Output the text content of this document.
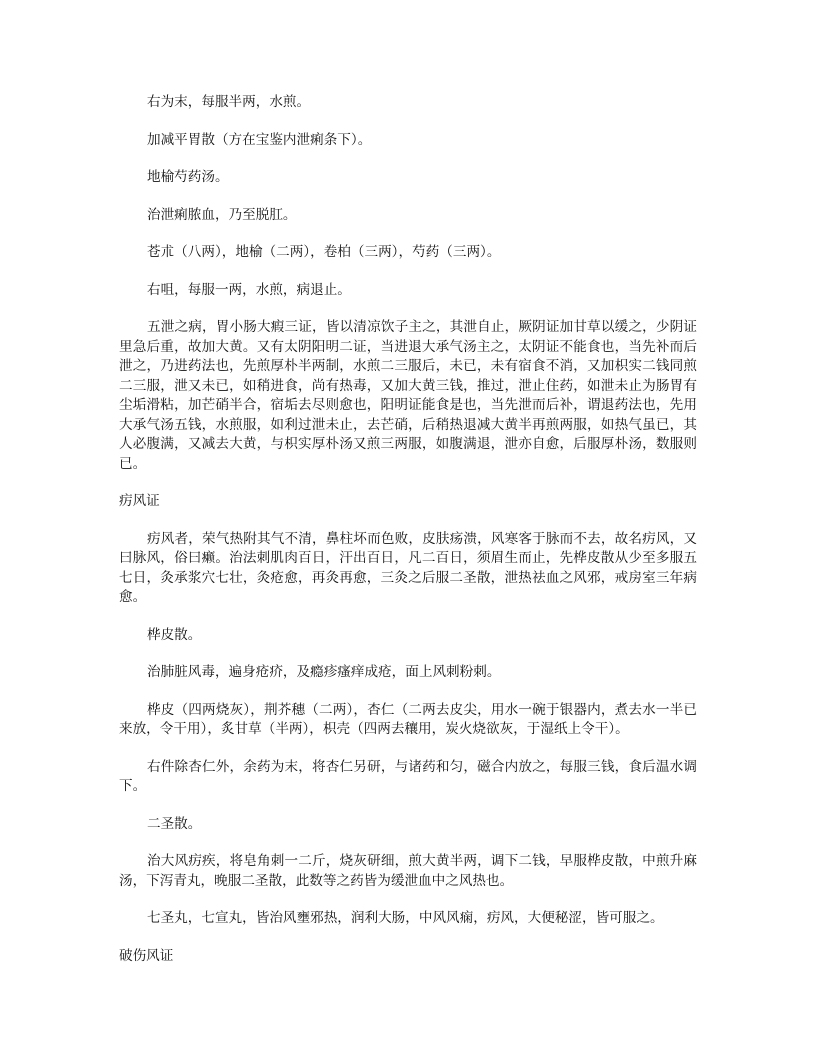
右为末，每服半两，水煎。

加减平胃散（方在宝鉴内泄痢条下）。

地榆芍药汤。

治泄痢脓血，乃至脱肛。

苍朮（八两），地榆（二两），卷柏（三两），芍药（三两）。

右咀，每服一两，水煎，病退止。

五泄之病，胃小肠大瘕三证，皆以清凉饮子主之，其泄自止，厥阴证加甘草以缓之，少阴证里急后重，故加大黄。又有太阴阳明二证，当进退大承气汤主之，太阴证不能食也，当先补而后泄之，乃进药法也，先煎厚朴半两制，水煎二三服后，未已，未有宿食不消，又加枳实二钱同煎二三服，泄又未已，如稍进食，尚有热毒，又加大黄三钱，推过，泄止住药，如泄未止为肠胃有尘垢滑粘，加芒硝半合，宿垢去尽则愈也，阳明证能食是也，当先泄而后补，谓退药法也，先用大承气汤五钱，水煎服，如利过泄未止，去芒硝，后稍热退减大黄半再煎两服，如热气虽已，其人必腹满，又减去大黄，与枳实厚朴汤又煎三两服，如腹满退，泄亦自愈，后服厚朴汤，数服则已。

疠风证

疠风者，荣气热附其气不清，鼻柱坏而色败，皮肤疡溃，风寒客于脉而不去，故名疠风，又曰脉风，俗曰癞。治法刺肌肉百日，汗出百日，凡二百日，须眉生而止，先桦皮散从少至多服五七日，灸承浆穴七壮，灸疮愈，再灸再愈，三灸之后服二圣散，泄热祛血之风邪，戒房室三年病愈。

桦皮散。

治肺脏风毒，遍身疮疥，及瘾疹瘙痒成疮，面上风刺粉刺。

桦皮（四两烧灰），荆芥穗（二两），杏仁（二两去皮尖，用水一碗于银器内，煮去水一半已来放，令干用），炙甘草（半两），枳壳（四两去穰用，炭火烧欲灰，于湿纸上令干）。

右件除杏仁外，余药为末，将杏仁另研，与诸药和匀，磁合内放之，每服三钱，食后温水调下。

二圣散。

治大风疠疾，将皂角刺一二斤，烧灰研细，煎大黄半两，调下二钱，早服桦皮散，中煎升麻汤，下泻青丸，晚服二圣散，此数等之药皆为缓泄血中之风热也。

七圣丸，七宣丸，皆治风壅邪热，润利大肠，中风风痫，疠风，大便秘涩，皆可服之。

破伤风证
